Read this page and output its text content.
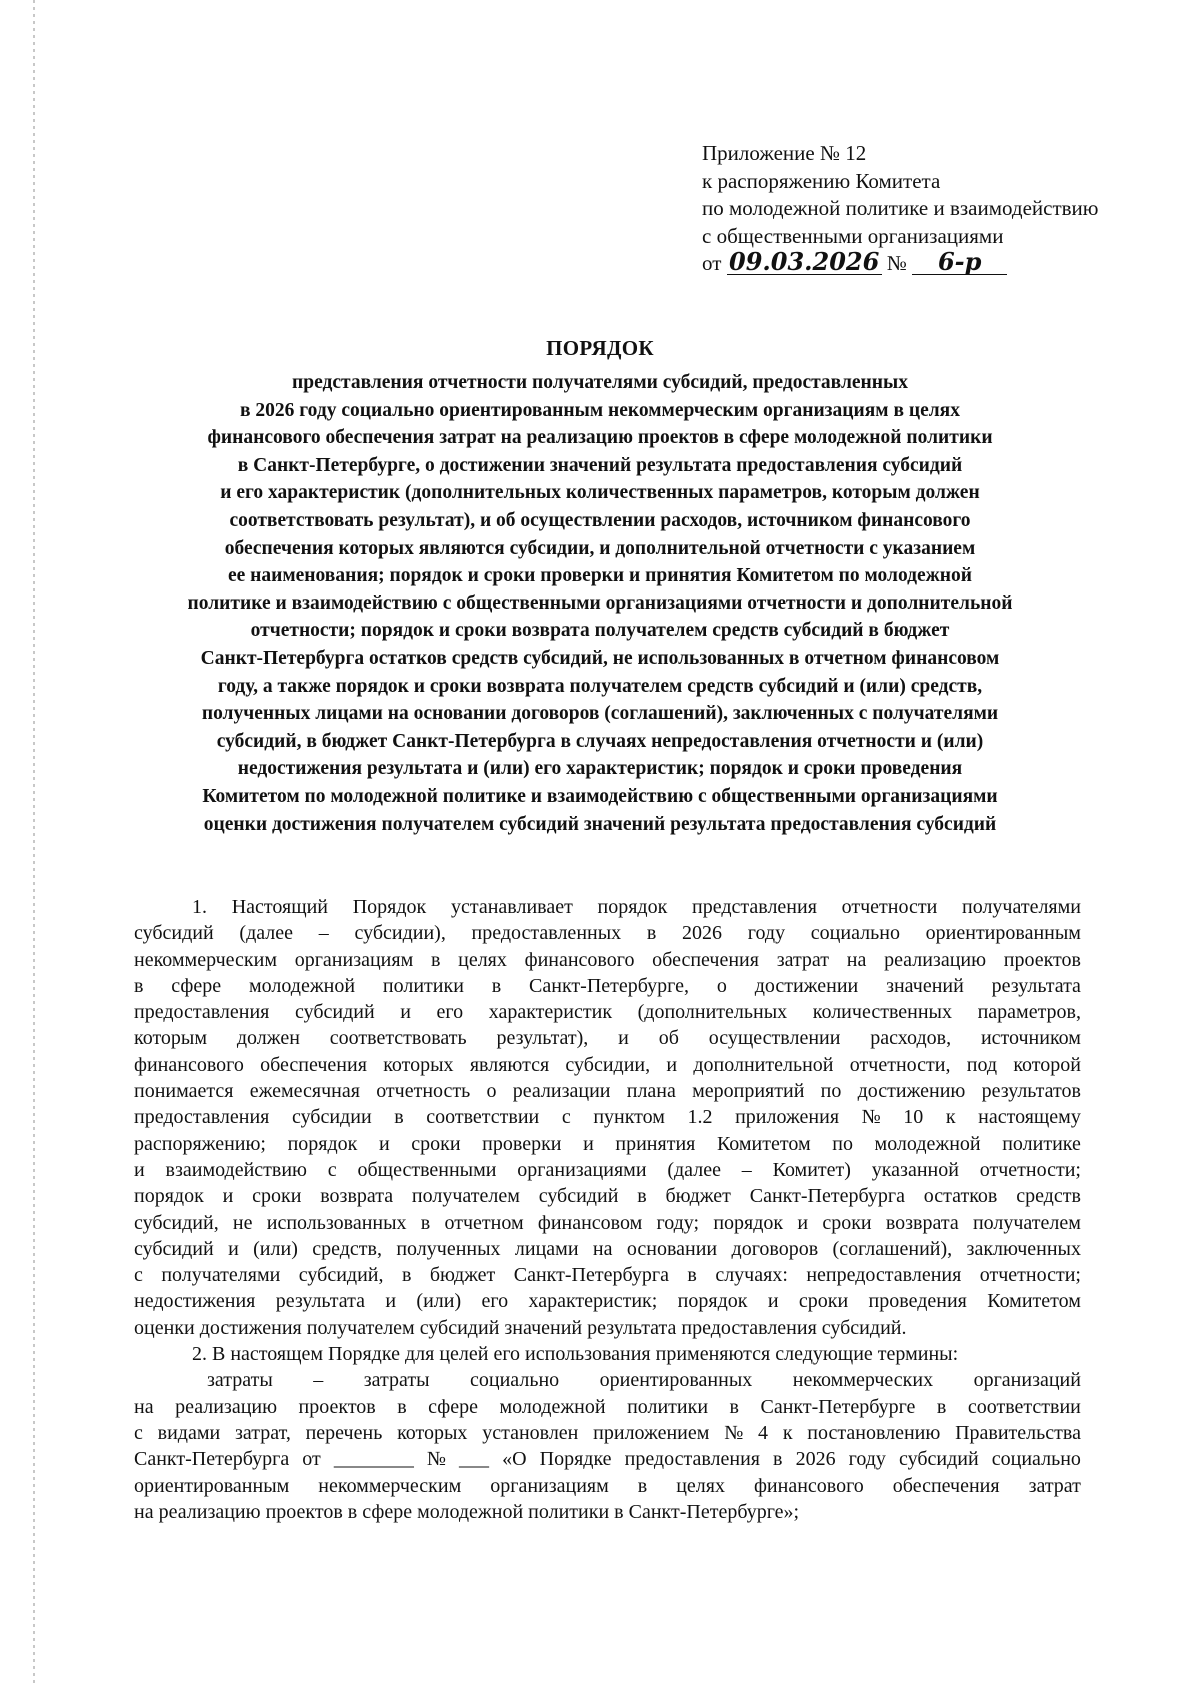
Приложение № 12
к распоряжению Комитета
по молодежной политике и взаимодействию
с общественными организациями
от 09.03.2026 № 6-р
ПОРЯДОК
представления отчетности получателями субсидий, предоставленных
в 2026 году социально ориентированным некоммерческим организациям в целях
финансового обеспечения затрат на реализацию проектов в сфере молодежной политики
в Санкт-Петербурге, о достижении значений результата предоставления субсидий
и его характеристик (дополнительных количественных параметров, которым должен
соответствовать результат), и об осуществлении расходов, источником финансового
обеспечения которых являются субсидии, и дополнительной отчетности с указанием
ее наименования; порядок и сроки проверки и принятия Комитетом по молодежной
политике и взаимодействию с общественными организациями отчетности и дополнительной
отчетности; порядок и сроки возврата получателем средств субсидий в бюджет
Санкт-Петербурга остатков средств субсидий, не использованных в отчетном финансовом
году, а также порядок и сроки возврата получателем средств субсидий и (или) средств,
полученных лицами на основании договоров (соглашений), заключенных с получателями
субсидий, в бюджет Санкт-Петербурга в случаях непредоставления отчетности и (или)
недостижения результата и (или) его характеристик; порядок и сроки проведения
Комитетом по молодежной политике и взаимодействию с общественными организациями
оценки достижения получателем субсидий значений результата предоставления субсидий
1. Настоящий Порядок устанавливает порядок представления отчетности получателями
субсидий (далее – субсидии), предоставленных в 2026 году социально ориентированным
некоммерческим организациям в целях финансового обеспечения затрат на реализацию проектов
в сфере молодежной политики в Санкт-Петербурге, о достижении значений результата
предоставления субсидий и его характеристик (дополнительных количественных параметров,
которым должен соответствовать результат), и об осуществлении расходов, источником
финансового обеспечения которых являются субсидии, и дополнительной отчетности, под которой
понимается ежемесячная отчетность о реализации плана мероприятий по достижению результатов
предоставления субсидии в соответствии с пунктом 1.2 приложения № 10 к настоящему
распоряжению; порядок и сроки проверки и принятия Комитетом по молодежной политике
и взаимодействию с общественными организациями (далее – Комитет) указанной отчетности;
порядок и сроки возврата получателем субсидий в бюджет Санкт-Петербурга остатков средств
субсидий, не использованных в отчетном финансовом году; порядок и сроки возврата получателем
субсидий и (или) средств, полученных лицами на основании договоров (соглашений), заключенных
с получателями субсидий, в бюджет Санкт-Петербурга в случаях: непредоставления отчетности;
недостижения результата и (или) его характеристик; порядок и сроки проведения Комитетом
оценки достижения получателем субсидий значений результата предоставления субсидий.
2. В настоящем Порядке для целей его использования применяются следующие термины:
затраты – затраты социально ориентированных некоммерческих организаций
на реализацию проектов в сфере молодежной политики в Санкт-Петербурге в соответствии
с видами затрат, перечень которых установлен приложением № 4 к постановлению Правительства
Санкт-Петербурга от ________ № ___ «О Порядке предоставления в 2026 году субсидий социально
ориентированным некоммерческим организациям в целях финансового обеспечения затрат
на реализацию проектов в сфере молодежной политики в Санкт-Петербурге»;
